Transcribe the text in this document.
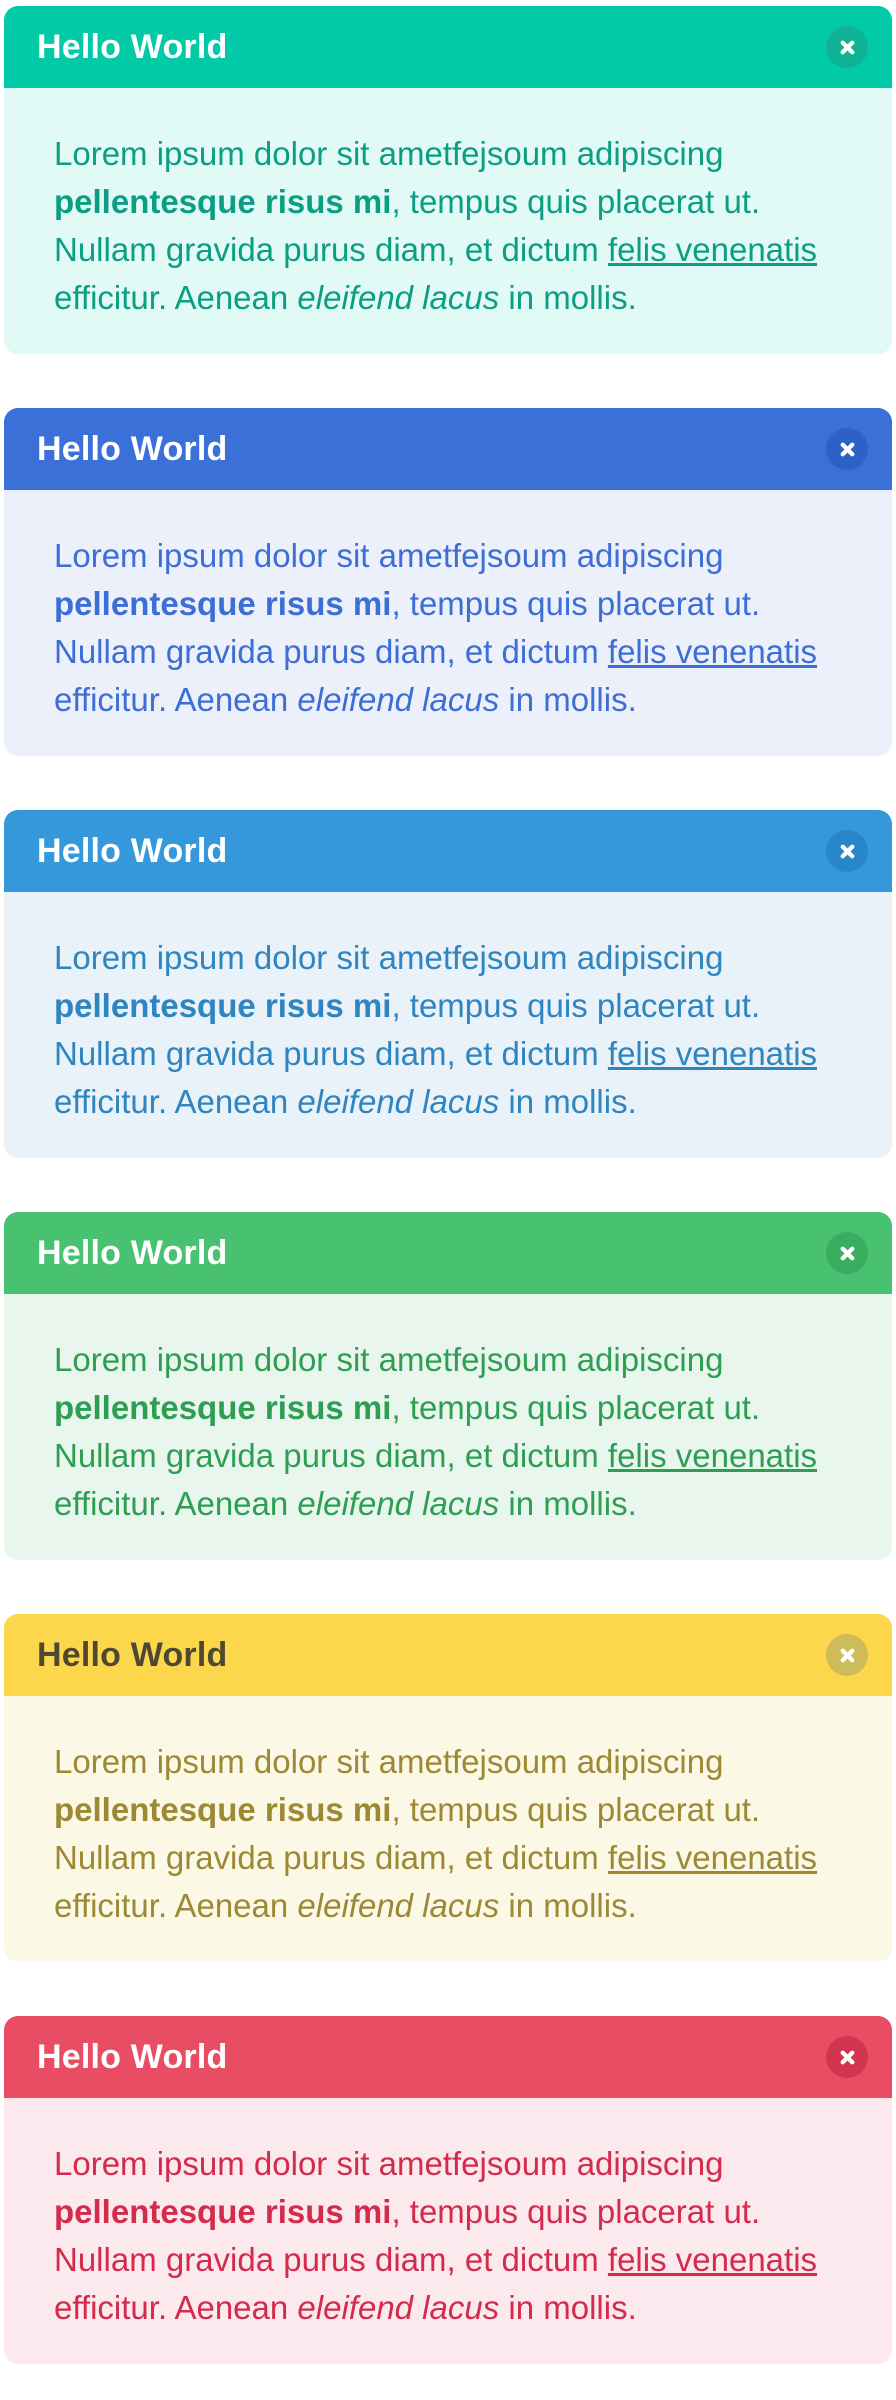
Hello World
Lorem ipsum dolor sit ametfejsoum adipiscing
pellentesque risus mi, tempus quis placerat ut.
Nullam gravida purus diam, et dictum felis venenatis
efficitur. Aenean eleifend lacus in mollis.
Hello World
Lorem ipsum dolor sit ametfejsoum adipiscing
pellentesque risus mi, tempus quis placerat ut.
Nullam gravida purus diam, et dictum felis venenatis
efficitur. Aenean eleifend lacus in mollis.
Hello World
Lorem ipsum dolor sit ametfejsoum adipiscing
pellentesque risus mi, tempus quis placerat ut.
Nullam gravida purus diam, et dictum felis venenatis
efficitur. Aenean eleifend lacus in mollis.
Hello World
Lorem ipsum dolor sit ametfejsoum adipiscing
pellentesque risus mi, tempus quis placerat ut.
Nullam gravida purus diam, et dictum felis venenatis
efficitur. Aenean eleifend lacus in mollis.
Hello World
Lorem ipsum dolor sit ametfejsoum adipiscing
pellentesque risus mi, tempus quis placerat ut.
Nullam gravida purus diam, et dictum felis venenatis
efficitur. Aenean eleifend lacus in mollis.
Hello World
Lorem ipsum dolor sit ametfejsoum adipiscing
pellentesque risus mi, tempus quis placerat ut.
Nullam gravida purus diam, et dictum felis venenatis
efficitur. Aenean eleifend lacus in mollis.
